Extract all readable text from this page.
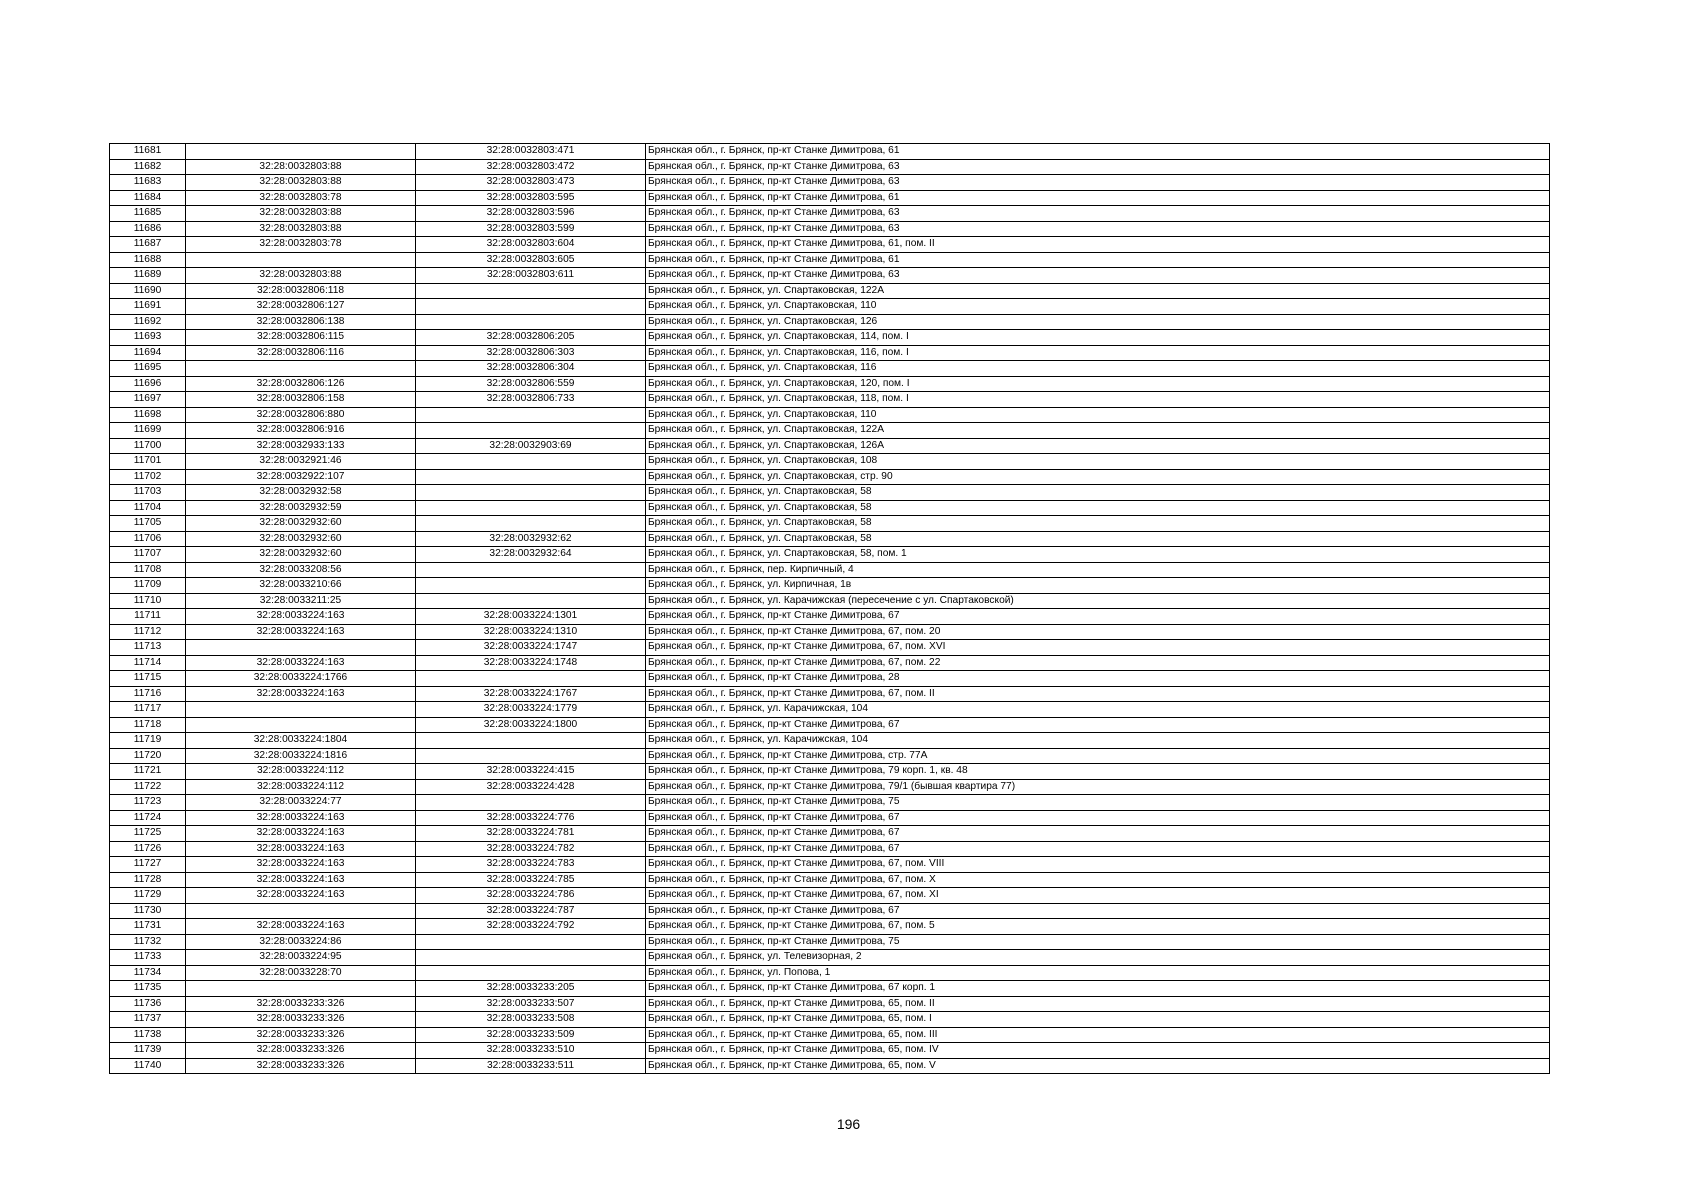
11681		32:28:0032803:471	Брянская обл., г. Брянск, пр-кт Станке Димитрова, 61
11682	32:28:0032803:88	32:28:0032803:472	Брянская обл., г. Брянск, пр-кт Станке Димитрова, 63
11683	32:28:0032803:88	32:28:0032803:473	Брянская обл., г. Брянск, пр-кт Станке Димитрова, 63
11684	32:28:0032803:78	32:28:0032803:595	Брянская обл., г. Брянск, пр-кт Станке Димитрова, 61
11685	32:28:0032803:88	32:28:0032803:596	Брянская обл., г. Брянск, пр-кт Станке Димитрова, 63
11686	32:28:0032803:88	32:28:0032803:599	Брянская обл., г. Брянск, пр-кт Станке Димитрова, 63
11687	32:28:0032803:78	32:28:0032803:604	Брянская обл., г. Брянск, пр-кт Станке Димитрова, 61, пом. II
11688		32:28:0032803:605	Брянская обл., г. Брянск, пр-кт Станке Димитрова, 61
11689	32:28:0032803:88	32:28:0032803:611	Брянская обл., г. Брянск, пр-кт Станке Димитрова, 63
11690	32:28:0032806:118		Брянская обл., г. Брянск, ул. Спартаковская, 122А
11691	32:28:0032806:127		Брянская обл., г. Брянск, ул. Спартаковская, 110
11692	32:28:0032806:138		Брянская обл., г. Брянск, ул. Спартаковская, 126
11693	32:28:0032806:115	32:28:0032806:205	Брянская обл., г. Брянск, ул. Спартаковская, 114, пом. I
11694	32:28:0032806:116	32:28:0032806:303	Брянская обл., г. Брянск, ул. Спартаковская, 116, пом. I
11695		32:28:0032806:304	Брянская обл., г. Брянск, ул. Спартаковская, 116
11696	32:28:0032806:126	32:28:0032806:559	Брянская обл., г. Брянск, ул. Спартаковская, 120, пом. I
11697	32:28:0032806:158	32:28:0032806:733	Брянская обл., г. Брянск, ул. Спартаковская, 118, пом. I
11698	32:28:0032806:880		Брянская обл., г. Брянск, ул. Спартаковская, 110
11699	32:28:0032806:916		Брянская обл., г. Брянск, ул. Спартаковская, 122А
11700	32:28:0032933:133	32:28:0032903:69	Брянская обл., г. Брянск, ул. Спартаковская, 126А
11701	32:28:0032921:46		Брянская обл., г. Брянск, ул. Спартаковская, 108
11702	32:28:0032922:107		Брянская обл., г. Брянск, ул. Спартаковская, стр. 90
11703	32:28:0032932:58		Брянская обл., г. Брянск, ул. Спартаковская, 58
11704	32:28:0032932:59		Брянская обл., г. Брянск, ул. Спартаковская, 58
11705	32:28:0032932:60		Брянская обл., г. Брянск, ул. Спартаковская, 58
11706	32:28:0032932:60	32:28:0032932:62	Брянская обл., г. Брянск, ул. Спартаковская, 58
11707	32:28:0032932:60	32:28:0032932:64	Брянская обл., г. Брянск, ул. Спартаковская, 58, пом. 1
11708	32:28:0033208:56		Брянская обл., г. Брянск, пер. Кирпичный, 4
11709	32:28:0033210:66		Брянская обл., г. Брянск, ул. Кирпичная, 1в
11710	32:28:0033211:25		Брянская обл., г. Брянск, ул. Карачижская (пересечение с ул. Спартаковской)
11711	32:28:0033224:163	32:28:0033224:1301	Брянская обл., г. Брянск, пр-кт Станке Димитрова, 67
11712	32:28:0033224:163	32:28:0033224:1310	Брянская обл., г. Брянск, пр-кт Станке Димитрова, 67, пом. 20
11713		32:28:0033224:1747	Брянская обл., г. Брянск, пр-кт Станке Димитрова, 67, пом. XVI
11714	32:28:0033224:163	32:28:0033224:1748	Брянская обл., г. Брянск, пр-кт Станке Димитрова, 67, пом. 22
11715	32:28:0033224:1766		Брянская обл., г. Брянск, пр-кт Станке Димитрова, 28
11716	32:28:0033224:163	32:28:0033224:1767	Брянская обл., г. Брянск, пр-кт Станке Димитрова, 67, пом. II
11717		32:28:0033224:1779	Брянская обл., г. Брянск, ул. Карачижская, 104
11718		32:28:0033224:1800	Брянская обл., г. Брянск, пр-кт Станке Димитрова, 67
11719	32:28:0033224:1804		Брянская обл., г. Брянск, ул. Карачижская, 104
11720	32:28:0033224:1816		Брянская обл., г. Брянск, пр-кт Станке Димитрова, стр. 77А
11721	32:28:0033224:112	32:28:0033224:415	Брянская обл., г. Брянск, пр-кт Станке Димитрова, 79 корп. 1, кв. 48
11722	32:28:0033224:112	32:28:0033224:428	Брянская обл., г. Брянск, пр-кт Станке Димитрова, 79/1 (бывшая квартира 77)
11723	32:28:0033224:77		Брянская обл., г. Брянск, пр-кт Станке Димитрова, 75
11724	32:28:0033224:163	32:28:0033224:776	Брянская обл., г. Брянск, пр-кт Станке Димитрова, 67
11725	32:28:0033224:163	32:28:0033224:781	Брянская обл., г. Брянск, пр-кт Станке Димитрова, 67
11726	32:28:0033224:163	32:28:0033224:782	Брянская обл., г. Брянск, пр-кт Станке Димитрова, 67
11727	32:28:0033224:163	32:28:0033224:783	Брянская обл., г. Брянск, пр-кт Станке Димитрова, 67, пом. VIII
11728	32:28:0033224:163	32:28:0033224:785	Брянская обл., г. Брянск, пр-кт Станке Димитрова, 67, пом. X
11729	32:28:0033224:163	32:28:0033224:786	Брянская обл., г. Брянск, пр-кт Станке Димитрова, 67, пом. XI
11730		32:28:0033224:787	Брянская обл., г. Брянск, пр-кт Станке Димитрова, 67
11731	32:28:0033224:163	32:28:0033224:792	Брянская обл., г. Брянск, пр-кт Станке Димитрова, 67, пом. 5
11732	32:28:0033224:86		Брянская обл., г. Брянск, пр-кт Станке Димитрова, 75
11733	32:28:0033224:95		Брянская обл., г. Брянск, ул. Телевизорная, 2
11734	32:28:0033228:70		Брянская обл., г. Брянск, ул. Попова, 1
11735		32:28:0033233:205	Брянская обл., г. Брянск, пр-кт Станке Димитрова, 67 корп. 1
11736	32:28:0033233:326	32:28:0033233:507	Брянская обл., г. Брянск, пр-кт Станке Димитрова, 65, пом. II
11737	32:28:0033233:326	32:28:0033233:508	Брянская обл., г. Брянск, пр-кт Станке Димитрова, 65, пом. I
11738	32:28:0033233:326	32:28:0033233:509	Брянская обл., г. Брянск, пр-кт Станке Димитрова, 65, пом. III
11739	32:28:0033233:326	32:28:0033233:510	Брянская обл., г. Брянск, пр-кт Станке Димитрова, 65, пом. IV
11740	32:28:0033233:326	32:28:0033233:511	Брянская обл., г. Брянск, пр-кт Станке Димитрова, 65, пом. V
196
